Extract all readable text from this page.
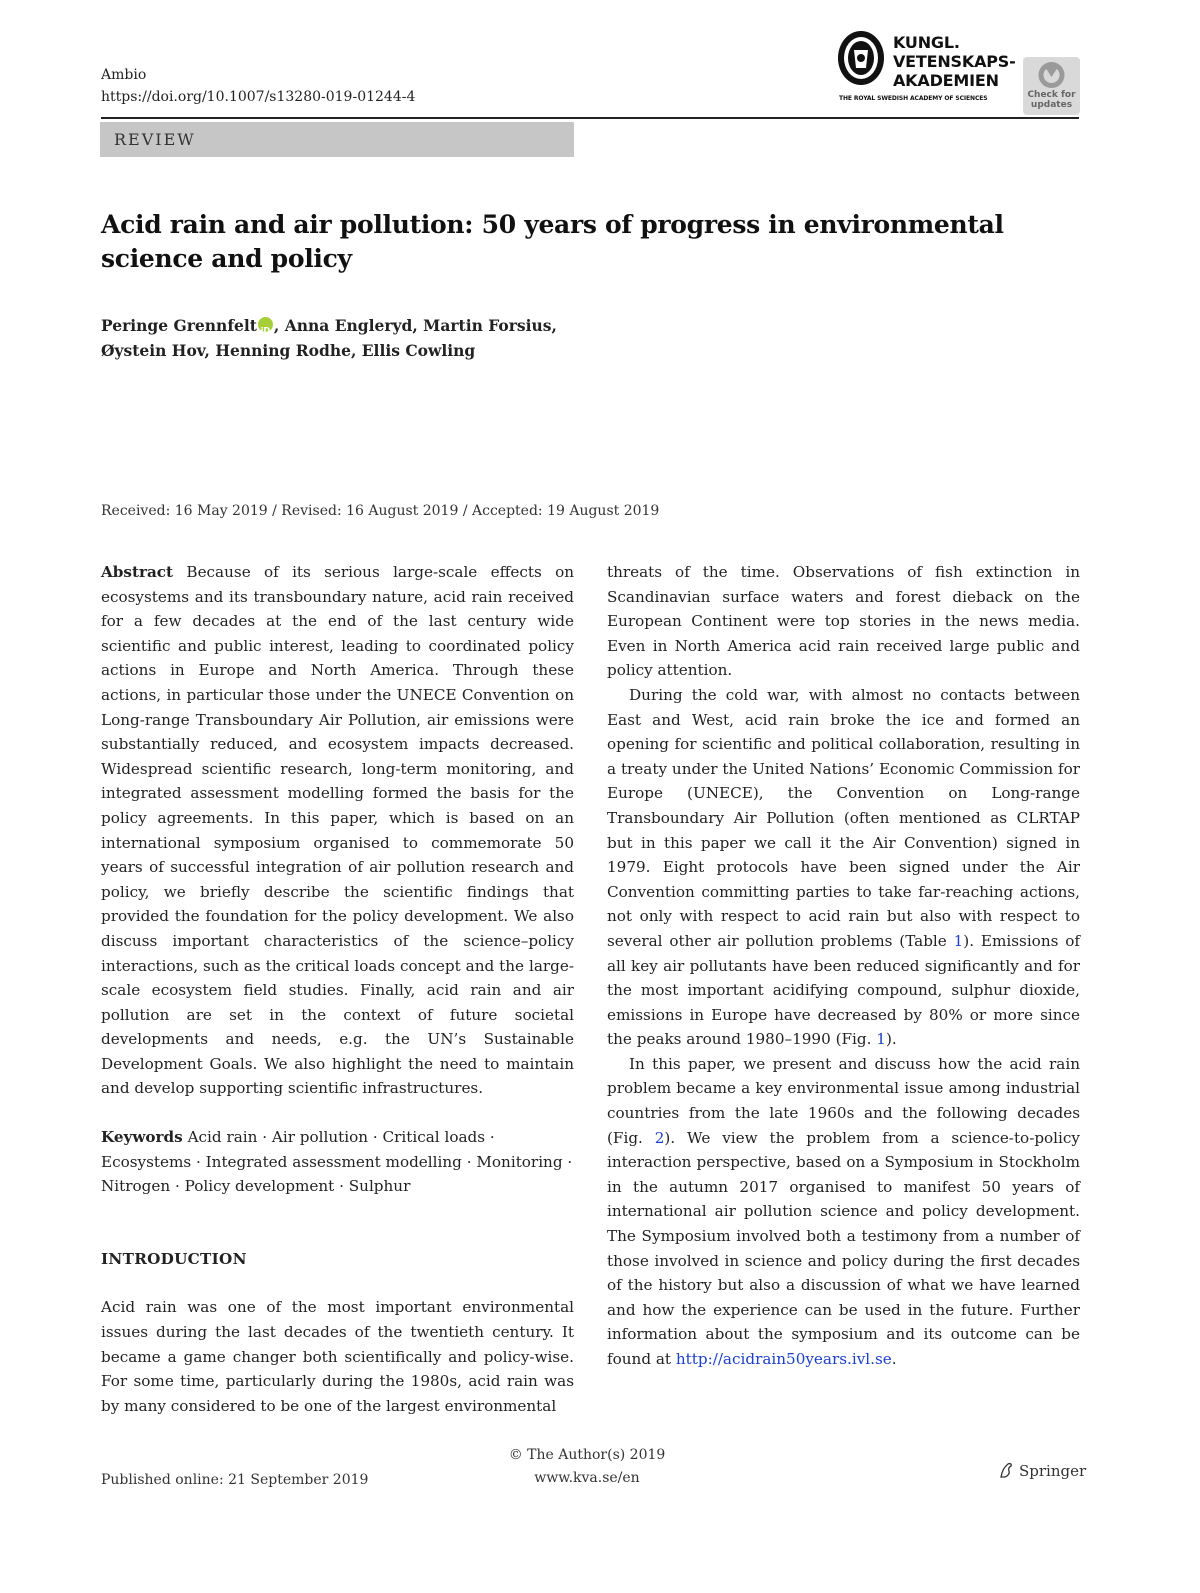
Ambio
https://doi.org/10.1007/s13280-019-01244-4
REVIEW
KUNGL.
VETENSKAPS-
AKADEMIEN
THE ROYAL SWEDISH ACADEMY OF SCIENCES	Check for
updates
Acid rain and air pollution: 50 years of progress in environmental science and policy
Peringe Grennfelt iD , Anna Engleryd, Martin Forsius,
Øystein Hov, Henning Rodhe, Ellis Cowling
Received: 16 May 2019 / Revised: 16 August 2019 / Accepted: 19 August 2019

Abstract Because of its serious large-scale effects on ecosystems and its transboundary nature, acid rain received for a few decades at the end of the last century wide scientific and public interest, leading to coordinated policy actions in Europe and North America. Through these actions, in particular those under the UNECE Convention on Long-range Transboundary Air Pollution, air emissions were substantially reduced, and ecosystem impacts decreased. Widespread scientific research, long-term monitoring, and integrated assessment modelling formed the basis for the policy agreements. In this paper, which is based on an international symposium organised to commemorate 50 years of successful integration of air pollution research and policy, we briefly describe the scientific findings that provided the foundation for the policy development. We also discuss important characteristics of the science–policy interactions, such as the critical loads concept and the large-scale ecosystem field studies. Finally, acid rain and air pollution are set in the context of future societal developments and needs, e.g. the UN’s Sustainable Development Goals. We also highlight the need to maintain and develop supporting scientific infrastructures.

Keywords Acid rain · Air pollution · Critical loads · Ecosystems · Integrated assessment modelling · Monitoring · Nitrogen · Policy development · Sulphur

INTRODUCTION

Acid rain was one of the most important environmental issues during the last decades of the twentieth century. It became a game changer both scientifically and policy-wise. For some time, particularly during the 1980s, acid rain was by many considered to be one of the largest environmental

threats of the time. Observations of fish extinction in Scandinavian surface waters and forest dieback on the European Continent were top stories in the news media. Even in North America acid rain received large public and policy attention.

During the cold war, with almost no contacts between East and West, acid rain broke the ice and formed an opening for scientific and political collaboration, resulting in a treaty under the United Nations’ Economic Commission for Europe (UNECE), the Convention on Long-range Transboundary Air Pollution (often mentioned as CLRTAP but in this paper we call it the Air Convention) signed in 1979. Eight protocols have been signed under the Air Convention committing parties to take far-reaching actions, not only with respect to acid rain but also with respect to several other air pollution problems (Table 1). Emissions of all key air pollutants have been reduced significantly and for the most important acidifying compound, sulphur dioxide, emissions in Europe have decreased by 80% or more since the peaks around 1980–1990 (Fig. 1).

In this paper, we present and discuss how the acid rain problem became a key environmental issue among industrial countries from the late 1960s and the following decades (Fig. 2). We view the problem from a science-to-policy interaction perspective, based on a Symposium in Stockholm in the autumn 2017 organised to manifest 50 years of international air pollution science and policy development. The Symposium involved both a testimony from a number of those involved in science and policy during the first decades of the history but also a discussion of what we have learned and how the experience can be used in the future. Further information about the symposium and its outcome can be found at http://acidrain50years.ivl.se.

© The Author(s) 2019
www.kva.se/en
Published online: 21 September 2019	Springer
